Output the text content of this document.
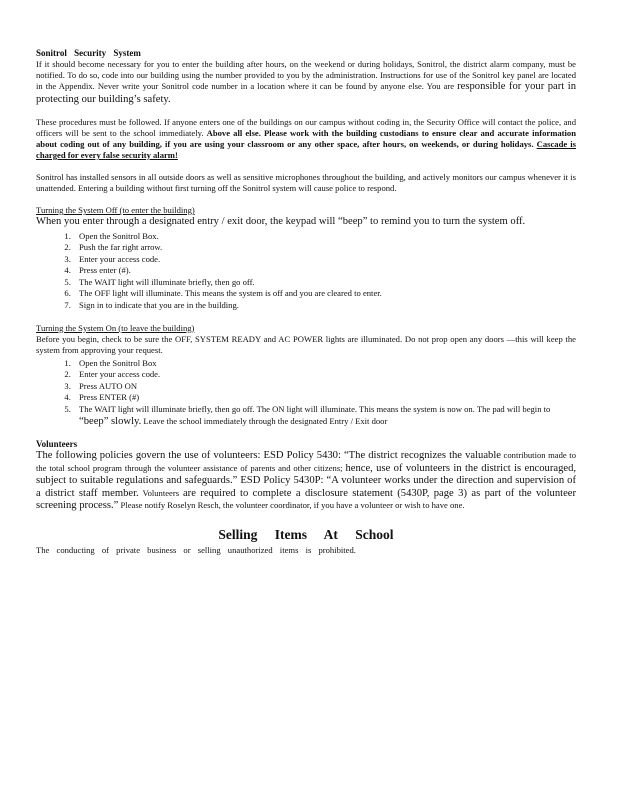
Sonitrol Security System

If it should become necessary for you to enter the building after hours, on the weekend or during holidays, Sonitrol, the district alarm company, must be notified. To do so, code into our building using the number provided to you by the administration. Instructions for use of the Sonitrol key panel are located in the Appendix. Never write your Sonitrol code number in a location where it can be found by anyone else. You are responsible for your part in protecting our building’s safety.

These procedures must be followed. If anyone enters one of the buildings on our campus without coding in, the Security Office will contact the police, and officers will be sent to the school immediately. Above all else. Please work with the building custodians to ensure clear and accurate information about coding out of any building, if you are using your classroom or any other space, after hours, on weekends, or during holidays. Cascade is charged for every false security alarm!

Sonitrol has installed sensors in all outside doors as well as sensitive microphones throughout the building, and actively monitors our campus whenever it is unattended. Entering a building without first turning off the Sonitrol system will cause police to respond.

Turning the System Off (to enter the building)

When you enter through a designated entry / exit door, the keypad will “beep” to remind you to turn the system off.

1. Open the Sonitrol Box.
2. Push the far right arrow.
3. Enter your access code.
4. Press enter (#).
5. The WAIT light will illuminate briefly, then go off.
6. The OFF light will illuminate. This means the system is off and you are cleared to enter.
7. Sign in to indicate that you are in the building.
Turning the System On (to leave the building)

Before you begin, check to be sure the OFF, SYSTEM READY and AC POWER lights are illuminated. Do not prop open any doors —this will keep the system from approving your request.

1. Open the Sonitrol Box
2. Enter your access code.
3. Press AUTO ON
4. Press ENTER (#)
5. The WAIT light will illuminate briefly, then go off. The ON light will illuminate. This means the system is now on. The pad will begin to “beep” slowly. Leave the school immediately through the designated Entry / Exit door
Volunteers

The following policies govern the use of volunteers: ESD Policy 5430: “The district recognizes the valuable contribution made to the total school program through the volunteer assistance of parents and other citizens; hence, use of volunteers in the district is encouraged, subject to suitable regulations and safeguards.” ESD Policy 5430P: “A volunteer works under the direction and supervision of a district staff member. Volunteers are required to complete a disclosure statement (5430P, page 3) as part of the volunteer screening process.” Please notify Roselyn Resch, the volunteer coordinator, if you have a volunteer or wish to have one.

Selling Items At School

The conducting of private business or selling unauthorized items is prohibited.
